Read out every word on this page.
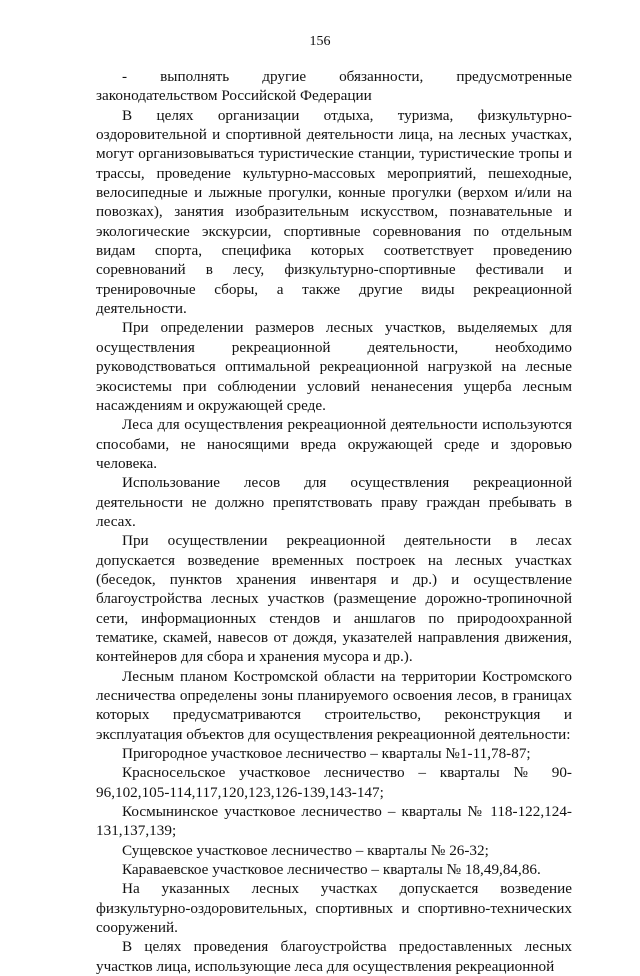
156

- выполнять другие обязанности, предусмотренные законодательством Российской Федерации

В целях организации отдыха, туризма, физкультурно-оздоровительной и спортивной деятельности лица, на лесных участках, могут организовываться туристические станции, туристические тропы и трассы, проведение культурно-массовых мероприятий, пешеходные, велосипедные и лыжные прогулки, конные прогулки (верхом и/или на повозках), занятия изобразительным искусством, познавательные и экологические экскурсии, спортивные соревнования по отдельным видам спорта, специфика которых соответствует проведению соревнований в лесу, физкультурно-спортивные фестивали и тренировочные сборы, а также другие виды рекреационной деятельности.

При определении размеров лесных участков, выделяемых для осуществления рекреационной деятельности, необходимо руководствоваться оптимальной рекреационной нагрузкой на лесные экосистемы при соблюдении условий ненанесения ущерба лесным насаждениям и окружающей среде.

Леса для осуществления рекреационной деятельности используются способами, не наносящими вреда окружающей среде и здоровью человека.

Использование лесов для осуществления рекреационной деятельности не должно препятствовать праву граждан пребывать в лесах.

При осуществлении рекреационной деятельности в лесах допускается возведение временных построек на лесных участках (беседок, пунктов хранения инвентаря и др.) и осуществление благоустройства лесных участков (размещение дорожно-тропиночной сети, информационных стендов и аншлагов по природоохранной тематике, скамей, навесов от дождя, указателей направления движения, контейнеров для сбора и хранения мусора и др.).

Лесным планом Костромской области на территории Костромского лесничества определены зоны планируемого освоения лесов, в границах которых предусматриваются строительство, реконструкция и эксплуатация объектов для осуществления рекреационной деятельности:

Пригородное участковое лесничество – кварталы №1-11,78-87;

Красносельское участковое лесничество – кварталы № 90-96,102,105-114,117,120,123,126-139,143-147;

Космынинское участковое лесничество – кварталы № 118-122,124-131,137,139;

Сущевское участковое лесничество – кварталы № 26-32;

Караваевское участковое лесничество – кварталы № 18,49,84,86.

На указанных лесных участках допускается возведение физкультурно-оздоровительных, спортивных и спортивно-технических сооружений.

В целях проведения благоустройства предоставленных лесных участков лица, использующие леса для осуществления рекреационной
